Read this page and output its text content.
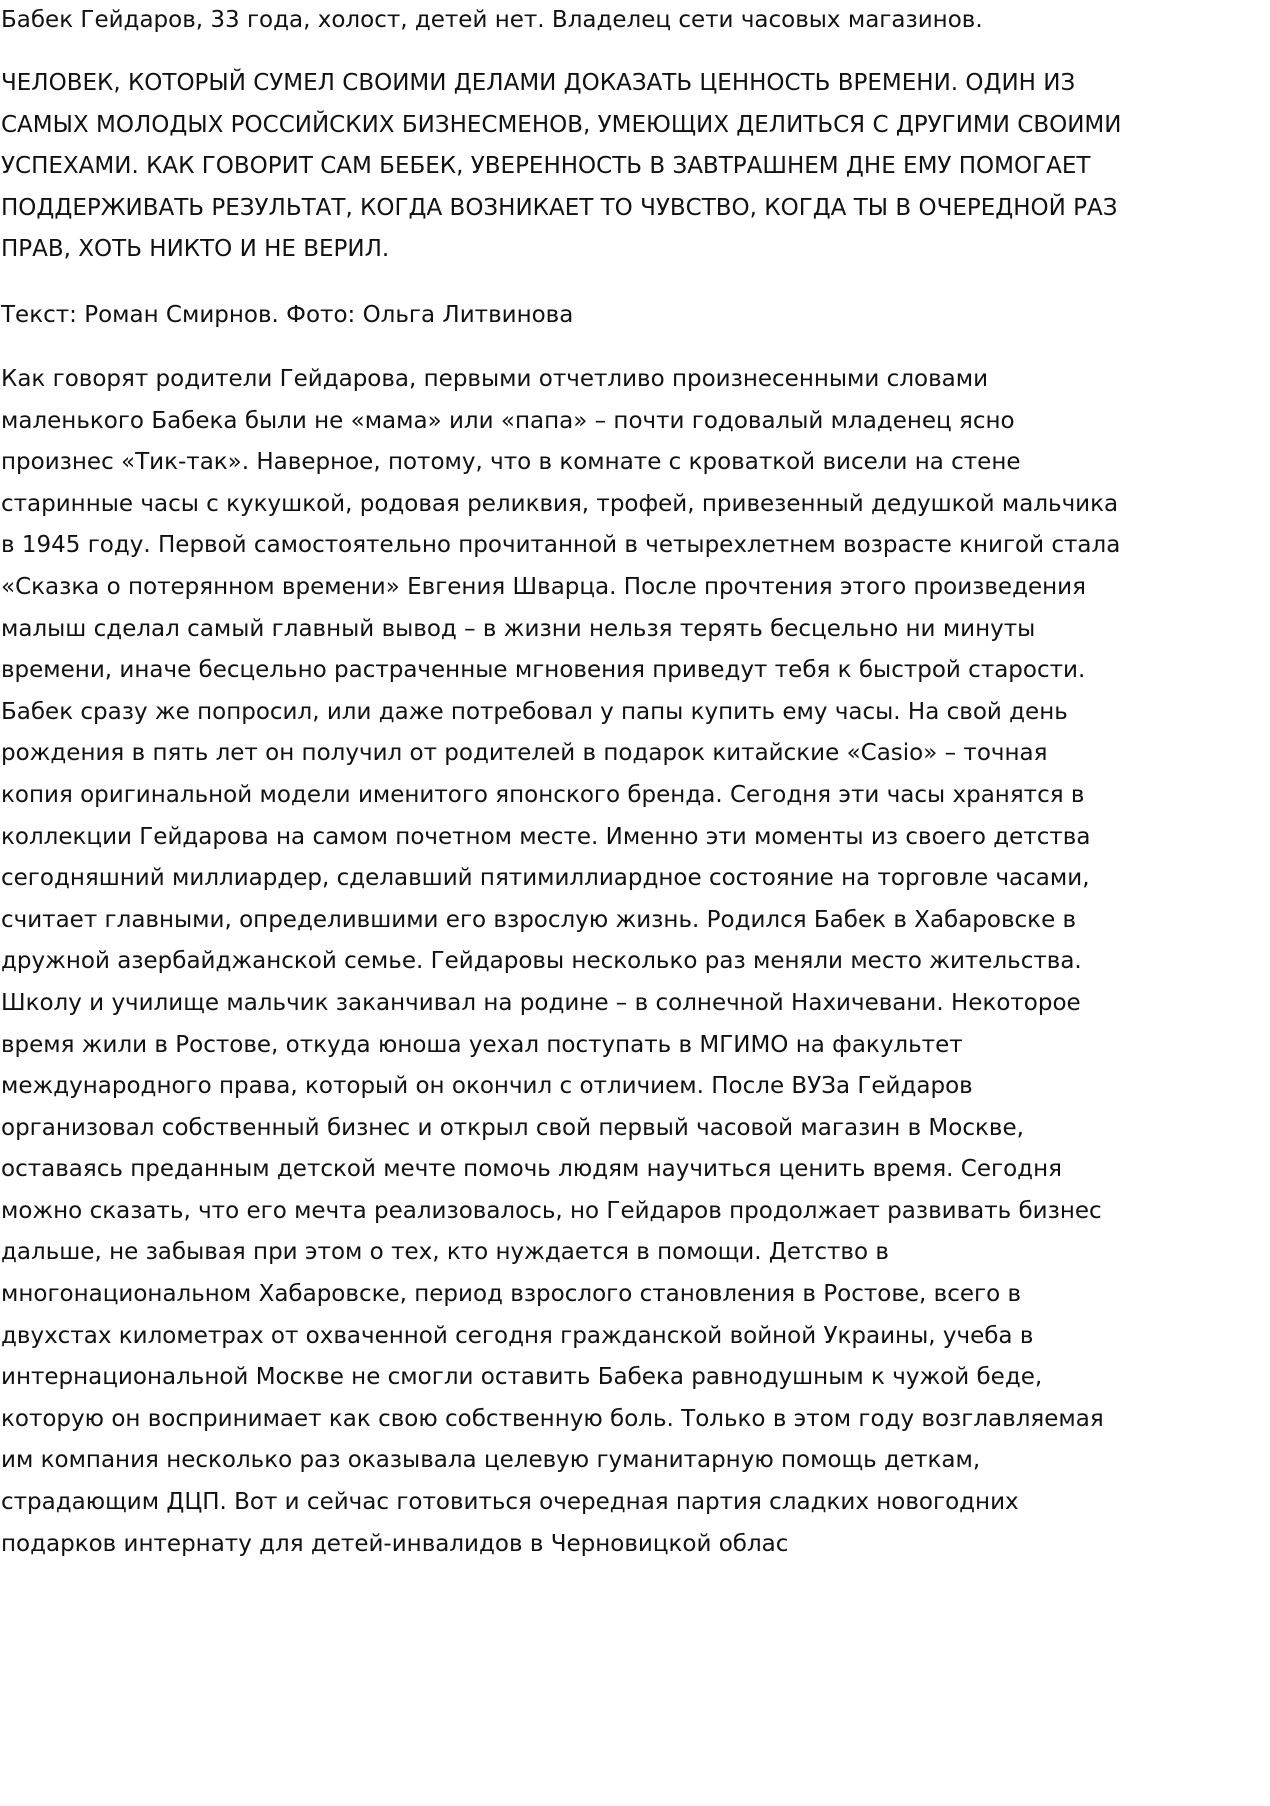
Бабек Гейдаров, 33 года, холост, детей нет. Владелец сети часовых магазинов.
ЧЕЛОВЕК, КОТОРЫЙ СУМЕЛ СВОИМИ ДЕЛАМИ ДОКАЗАТЬ ЦЕННОСТЬ ВРЕМЕНИ. ОДИН ИЗ
САМЫХ МОЛОДЫХ РОССИЙСКИХ БИЗНЕСМЕНОВ, УМЕЮЩИХ ДЕЛИТЬСЯ С ДРУГИМИ СВОИМИ
УСПЕХАМИ. КАК ГОВОРИТ САМ БЕБЕК, УВЕРЕННОСТЬ В ЗАВТРАШНЕМ ДНЕ ЕМУ ПОМОГАЕТ
ПОДДЕРЖИВАТЬ РЕЗУЛЬТАТ, КОГДА ВОЗНИКАЕТ ТО ЧУВСТВО, КОГДА ТЫ В ОЧЕРЕДНОЙ РАЗ
ПРАВ, ХОТЬ НИКТО И НЕ ВЕРИЛ.
Текст: Роман Смирнов. Фото: Ольга Литвинова
Как говорят родители Гейдарова, первыми отчетливо произнесенными словами
маленького Бабека были не «мама» или «папа» – почти годовалый младенец ясно
произнес «Тик-так». Наверное, потому, что в комнате с кроваткой висели на стене
старинные часы с кукушкой, родовая реликвия, трофей, привезенный дедушкой мальчика
в 1945 году. Первой самостоятельно прочитанной в четырехлетнем возрасте книгой стала
«Сказка о потерянном времени» Евгения Шварца. После прочтения этого произведения
малыш сделал самый главный вывод – в жизни нельзя терять бесцельно ни минуты
времени, иначе бесцельно растраченные мгновения приведут тебя к быстрой старости.
Бабек сразу же попросил, или даже потребовал у папы купить ему часы. На свой день
рождения в пять лет он получил от родителей в подарок китайские «Casio» – точная
копия оригинальной модели именитого японского бренда. Сегодня эти часы хранятся в
коллекции Гейдарова на самом почетном месте. Именно эти моменты из своего детства
сегодняшний миллиардер, сделавший пятимиллиардное состояние на торговле часами,
считает главными, определившими его взрослую жизнь. Родился Бабек в Хабаровске в
дружной азербайджанской семье. Гейдаровы несколько раз меняли место жительства.
Школу и училище мальчик заканчивал на родине – в солнечной Нахичевани. Некоторое
время жили в Ростове, откуда юноша уехал поступать в МГИМО на факультет
международного права, который он окончил с отличием. После ВУЗа Гейдаров
организовал собственный бизнес и открыл свой первый часовой магазин в Москве,
оставаясь преданным детской мечте помочь людям научиться ценить время. Сегодня
можно сказать, что его мечта реализовалось, но Гейдаров продолжает развивать бизнес
дальше, не забывая при этом о тех, кто нуждается в помощи. Детство в
многонациональном Хабаровске, период взрослого становления в Ростове, всего в
двухстах километрах от охваченной сегодня гражданской войной Украины, учеба в
интернациональной Москве не смогли оставить Бабека равнодушным к чужой беде,
которую он воспринимает как свою собственную боль. Только в этом году возглавляемая
им компания несколько раз оказывала целевую гуманитарную помощь деткам,
страдающим ДЦП. Вот и сейчас готовиться очередная партия сладких новогодних
подарков интернату для детей-инвалидов в Черновицкой облас
